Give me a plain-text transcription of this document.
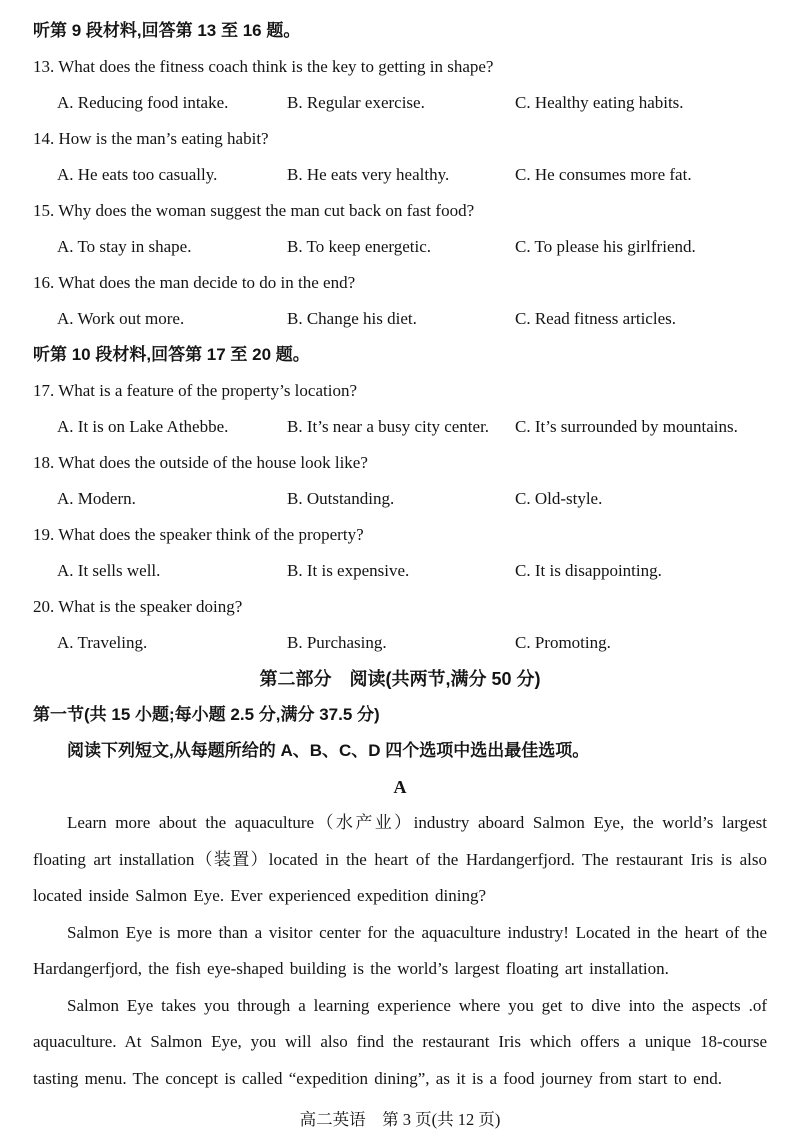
听第 9 段材料,回答第 13 至 16 题。
13. What does the fitness coach think is the key to getting in shape?
A. Reducing food intake.	B. Regular exercise.	C. Healthy eating habits.
14. How is the man’s eating habit?
A. He eats too casually.	B. He eats very healthy.	C. He consumes more fat.
15. Why does the woman suggest the man cut back on fast food?
A. To stay in shape.	B. To keep energetic.	C. To please his girlfriend.
16. What does the man decide to do in the end?
A. Work out more.	B. Change his diet.	C. Read fitness articles.
听第 10 段材料,回答第 17 至 20 题。
17. What is a feature of the property’s location?
A. It is on Lake Athebbe.	B. It’s near a busy city center.	C. It’s surrounded by mountains.
18. What does the outside of the house look like?
A. Modern.	B. Outstanding.	C. Old-style.
19. What does the speaker think of the property?
A. It sells well.	B. It is expensive.	C. It is disappointing.
20. What is the speaker doing?
A. Traveling.	B. Purchasing.	C. Promoting.
第二部分　阅读(共两节,满分 50 分)
第一节(共 15 小题;每小题 2.5 分,满分 37.5 分)
阅读下列短文,从每题所给的 A、B、C、D 四个选项中选出最佳选项。
A

Learn more about the aquaculture（水产业）industry aboard Salmon Eye, the world’s largest floating art installation（装置）located in the heart of the Hardangerfjord. The restaurant Iris is also located inside Salmon Eye. Ever experienced expedition dining?

Salmon Eye is more than a visitor center for the aquaculture industry! Located in the heart of the Hardangerfjord, the fish eye-shaped building is the world’s largest floating art installation.

Salmon Eye takes you through a learning experience where you get to dive into the aspects .of aquaculture. At Salmon Eye, you will also find the restaurant Iris which offers a unique 18-course tasting menu. The concept is called “expedition dining”, as it is a food journey from start to end.

高二英语　第 3 页(共 12 页)
